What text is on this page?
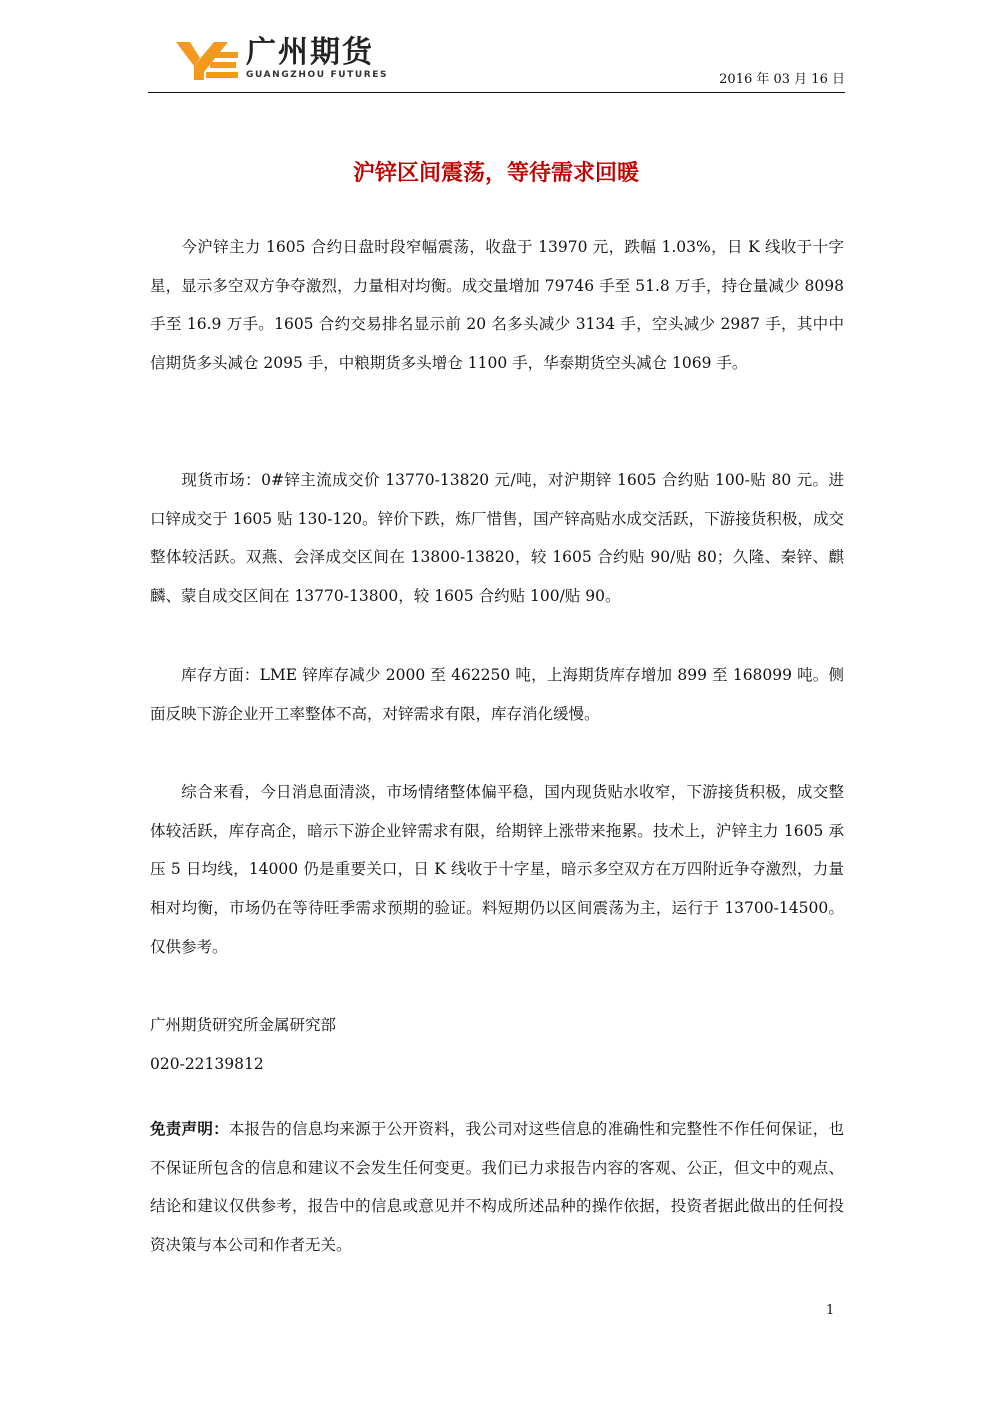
广州期货
GUANGZHOU FUTURES	2016 年 03 月 16 日
沪锌区间震荡，等待需求回暖

今沪锌主力 1605 合约日盘时段窄幅震荡，收盘于 13970 元，跌幅 1.03%，日 K 线收于十字星，显示多空双方争夺激烈，力量相对均衡。成交量增加 79746 手至 51.8 万手，持仓量减少 8098 手至 16.9 万手。1605 合约交易排名显示前 20 名多头减少 3134 手，空头减少 2987 手，其中中信期货多头减仓 2095 手，中粮期货多头增仓 1100 手，华泰期货空头减仓 1069 手。

现货市场：0#锌主流成交价 13770-13820 元/吨，对沪期锌 1605 合约贴 100-贴 80 元。进口锌成交于 1605 贴 130-120。锌价下跌，炼厂惜售，国产锌高贴水成交活跃，下游接货积极，成交整体较活跃。双燕、会泽成交区间在 13800-13820，较 1605 合约贴 90/贴 80；久隆、秦锌、麒麟、蒙自成交区间在 13770-13800，较 1605 合约贴 100/贴 90。

库存方面：LME 锌库存减少 2000 至 462250 吨，上海期货库存增加 899 至 168099 吨。侧面反映下游企业开工率整体不高，对锌需求有限，库存消化缓慢。

综合来看，今日消息面清淡，市场情绪整体偏平稳，国内现货贴水收窄，下游接货积极，成交整体较活跃，库存高企，暗示下游企业锌需求有限，给期锌上涨带来拖累。技术上，沪锌主力 1605 承压 5 日均线，14000 仍是重要关口，日 K 线收于十字星，暗示多空双方在万四附近争夺激烈，力量相对均衡，市场仍在等待旺季需求预期的验证。料短期仍以区间震荡为主，运行于 13700-14500。仅供参考。

广州期货研究所金属研究部

020-22139812

免责声明：本报告的信息均来源于公开资料，我公司对这些信息的准确性和完整性不作任何保证，也不保证所包含的信息和建议不会发生任何变更。我们已力求报告内容的客观、公正，但文中的观点、结论和建议仅供参考，报告中的信息或意见并不构成所述品种的操作依据，投资者据此做出的任何投资决策与本公司和作者无关。

1
